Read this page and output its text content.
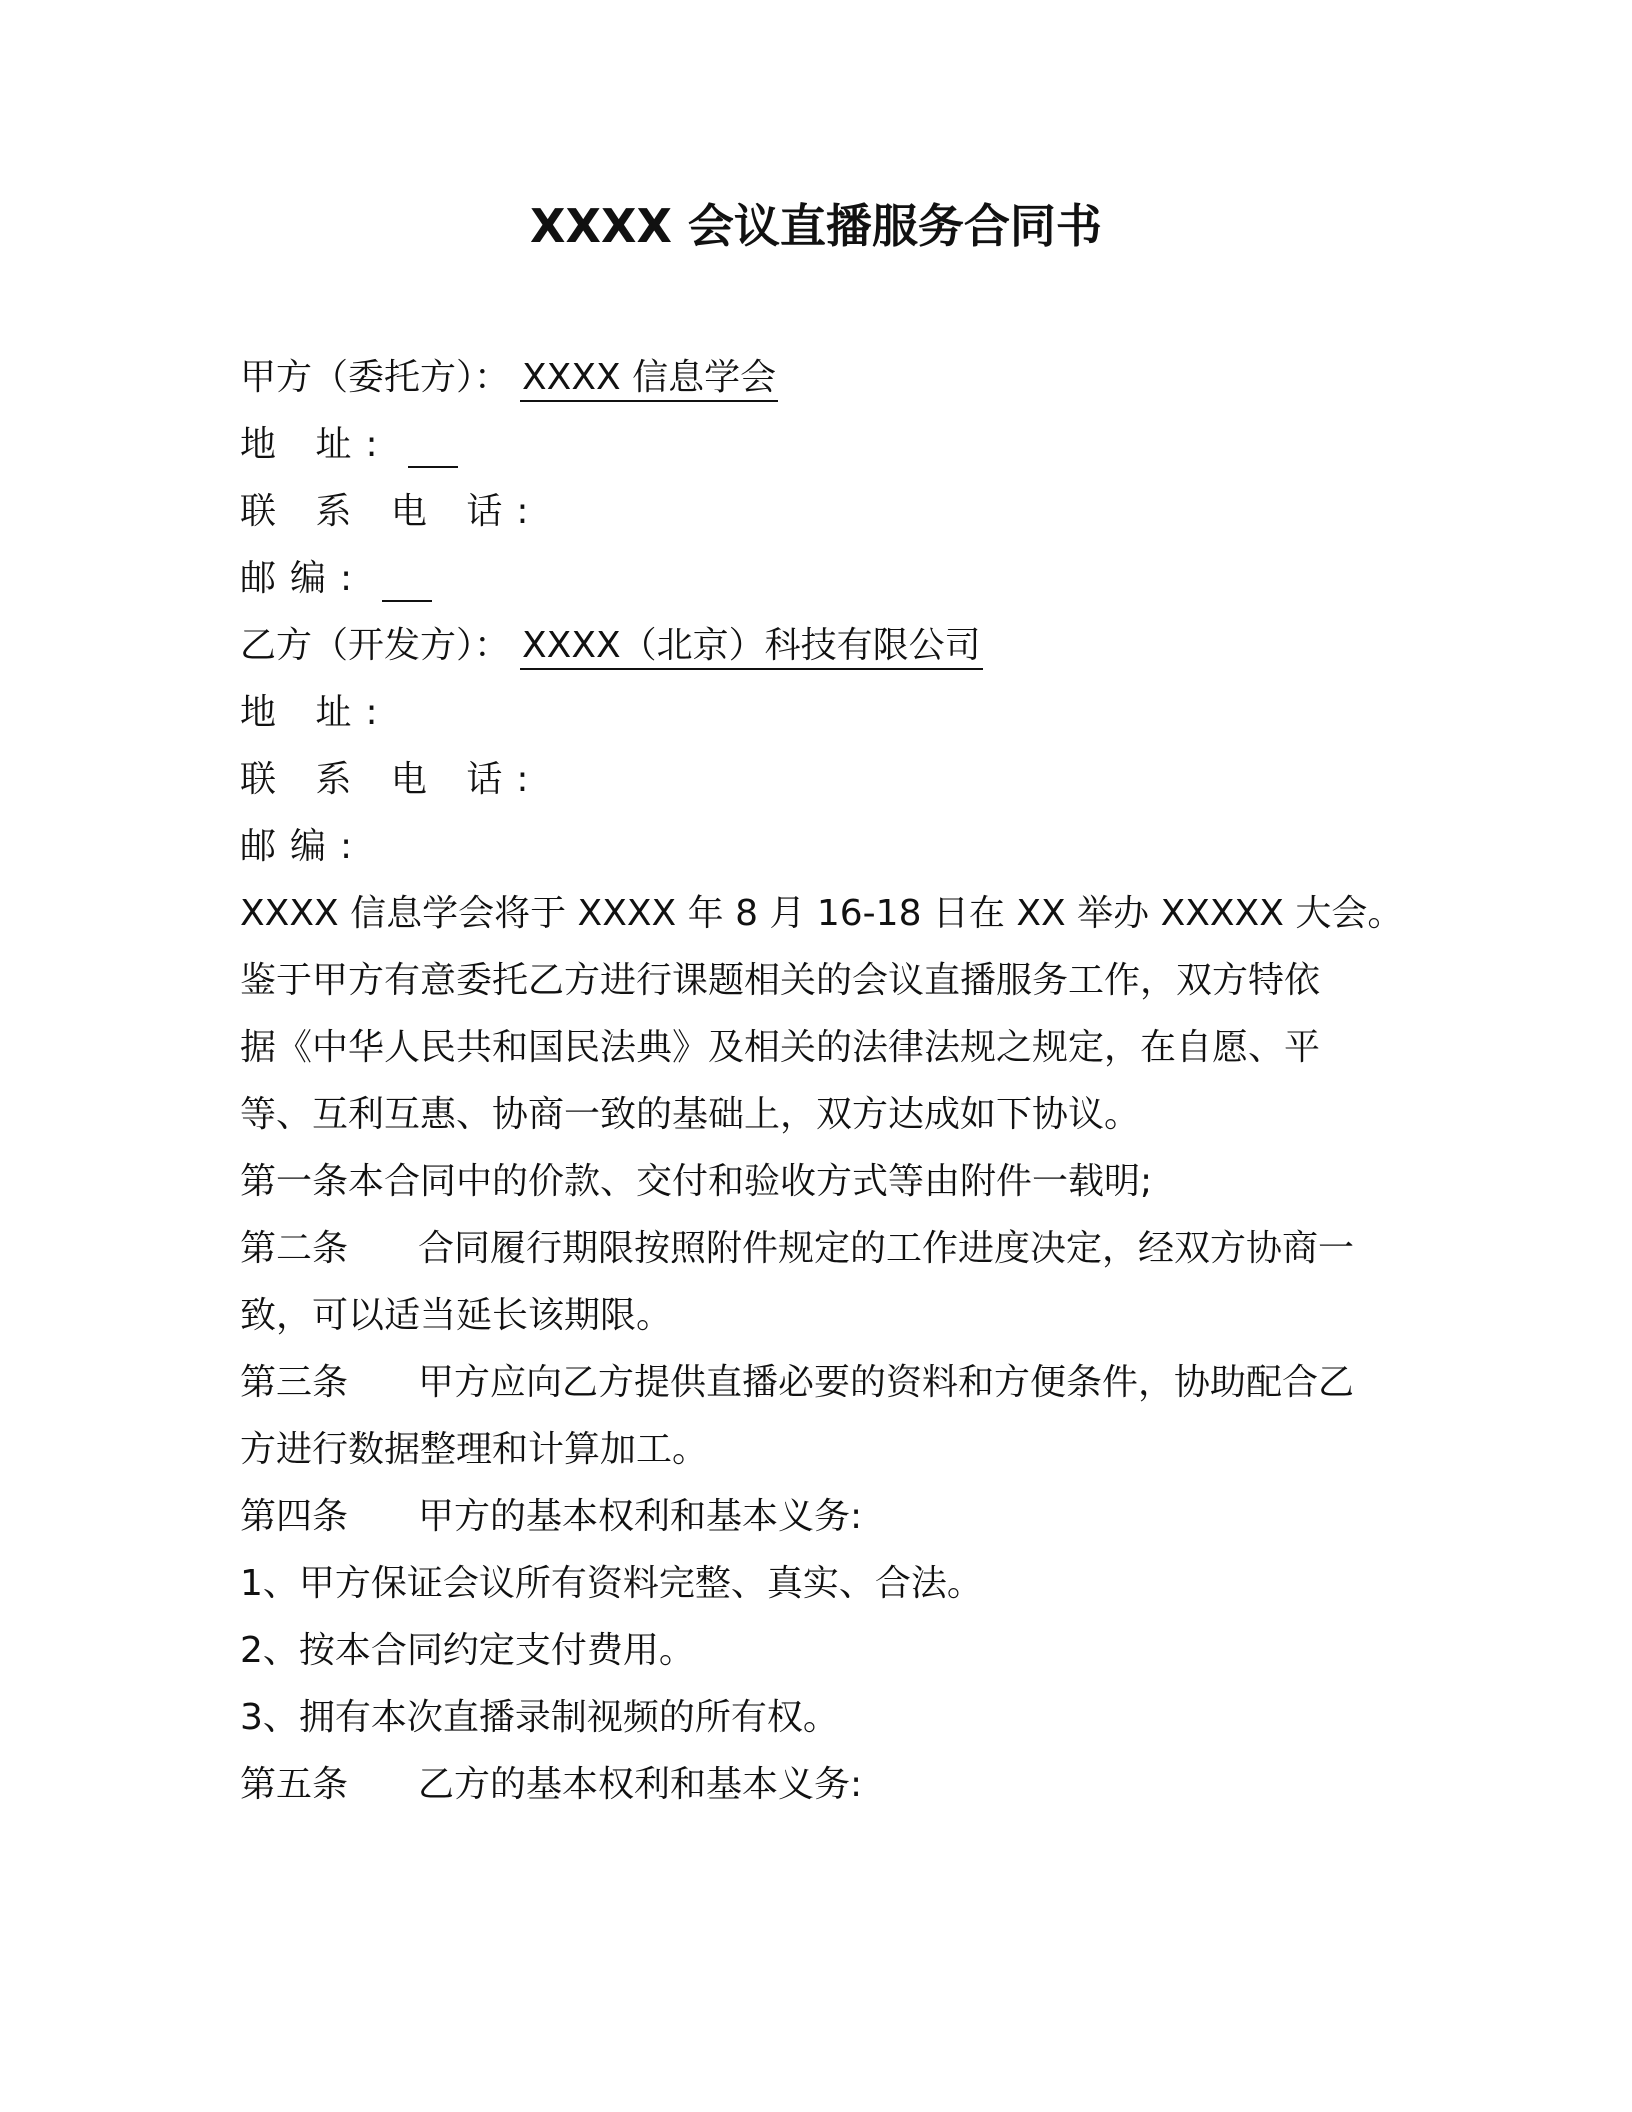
XXXX 会议直播服务合同书
甲方（委托方）： XXXX 信息学会
地 址:
联 系 电 话:
邮编:
乙方（开发方）： XXXX（北京）科技有限公司
地 址:
联 系 电 话:
邮编:
XXXX 信息学会将于 XXXX 年 8 月 16-18 日在 XX 举办 XXXXX 大会。
鉴于甲方有意委托乙方进行课题相关的会议直播服务工作，双方特依
据《中华人民共和国民法典》及相关的法律法规之规定，在自愿、平
等、互利互惠、协商一致的基础上，双方达成如下协议。
第一条本合同中的价款、交付和验收方式等由附件一载明;
第二条 合同履行期限按照附件规定的工作进度决定，经双方协商一
致，可以适当延长该期限。
第三条 甲方应向乙方提供直播必要的资料和方便条件，协助配合乙
方进行数据整理和计算加工。
第四条 甲方的基本权利和基本义务:
1、甲方保证会议所有资料完整、真实、合法。
2、按本合同约定支付费用。
3、拥有本次直播录制视频的所有权。
第五条 乙方的基本权利和基本义务:
